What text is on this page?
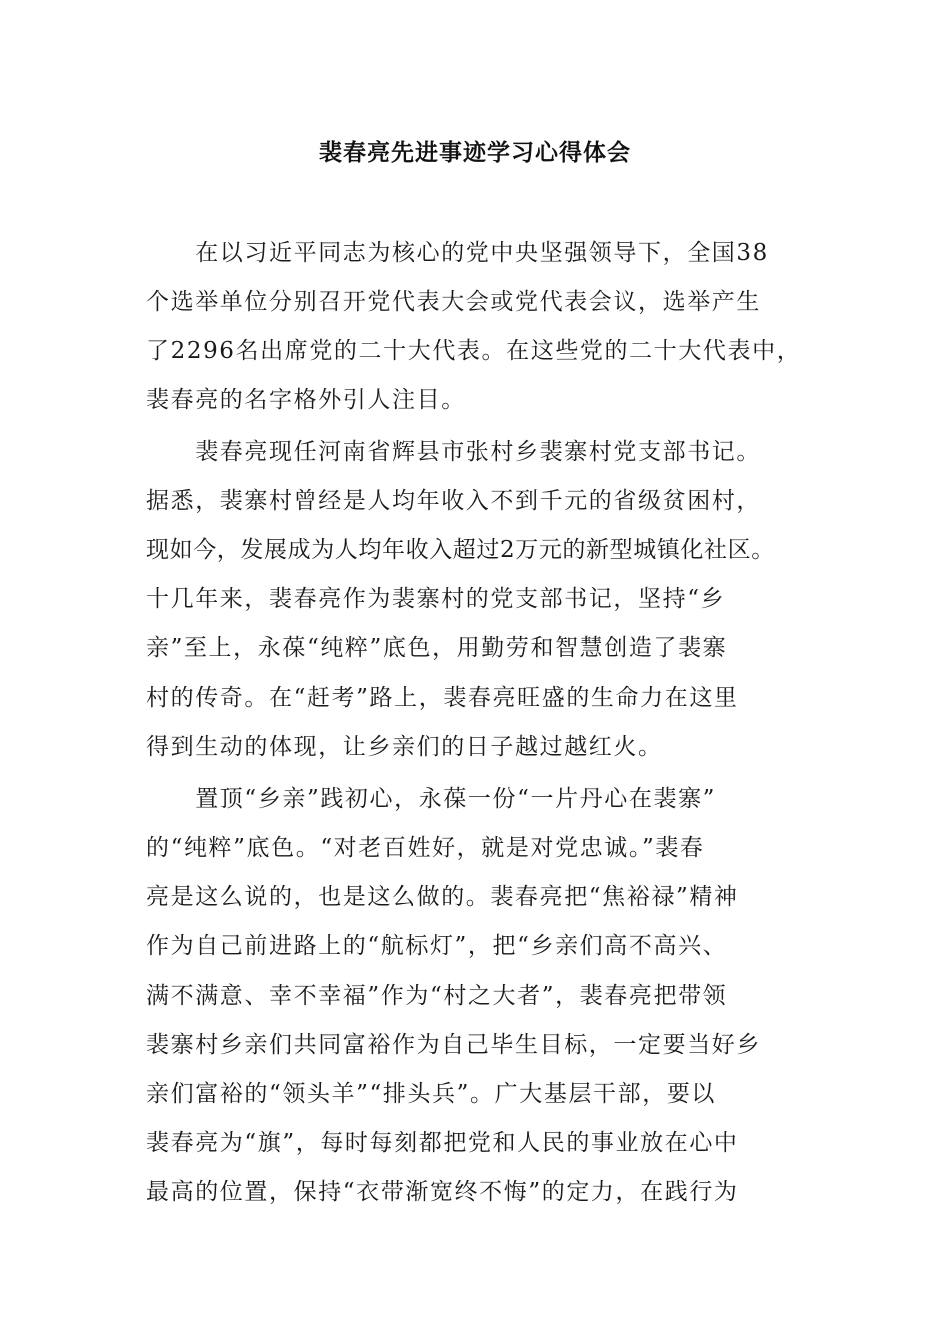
裴春亮先进事迹学习心得体会
　　在以习近平同志为核心的党中央坚强领导下，全国38
个选举单位分别召开党代表大会或党代表会议，选举产生
了2296名出席党的二十大代表。在这些党的二十大代表中，
裴春亮的名字格外引人注目。
　　裴春亮现任河南省辉县市张村乡裴寨村党支部书记。
据悉，裴寨村曾经是人均年收入不到千元的省级贫困村，
现如今，发展成为人均年收入超过2万元的新型城镇化社区。
十几年来，裴春亮作为裴寨村的党支部书记，坚持“乡
亲”至上，永葆“纯粹”底色，用勤劳和智慧创造了裴寨
村的传奇。在“赶考”路上，裴春亮旺盛的生命力在这里
得到生动的体现，让乡亲们的日子越过越红火。
　　置顶“乡亲”践初心，永葆一份“一片丹心在裴寨”
的“纯粹”底色。“对老百姓好，就是对党忠诚。”裴春
亮是这么说的，也是这么做的。裴春亮把“焦裕禄”精神
作为自己前进路上的“航标灯”，把“乡亲们高不高兴、
满不满意、幸不幸福”作为“村之大者”，裴春亮把带领
裴寨村乡亲们共同富裕作为自己毕生目标，一定要当好乡
亲们富裕的“领头羊”“排头兵”。广大基层干部，要以
裴春亮为“旗”，每时每刻都把党和人民的事业放在心中
最高的位置，保持“衣带渐宽终不悔”的定力，在践行为
